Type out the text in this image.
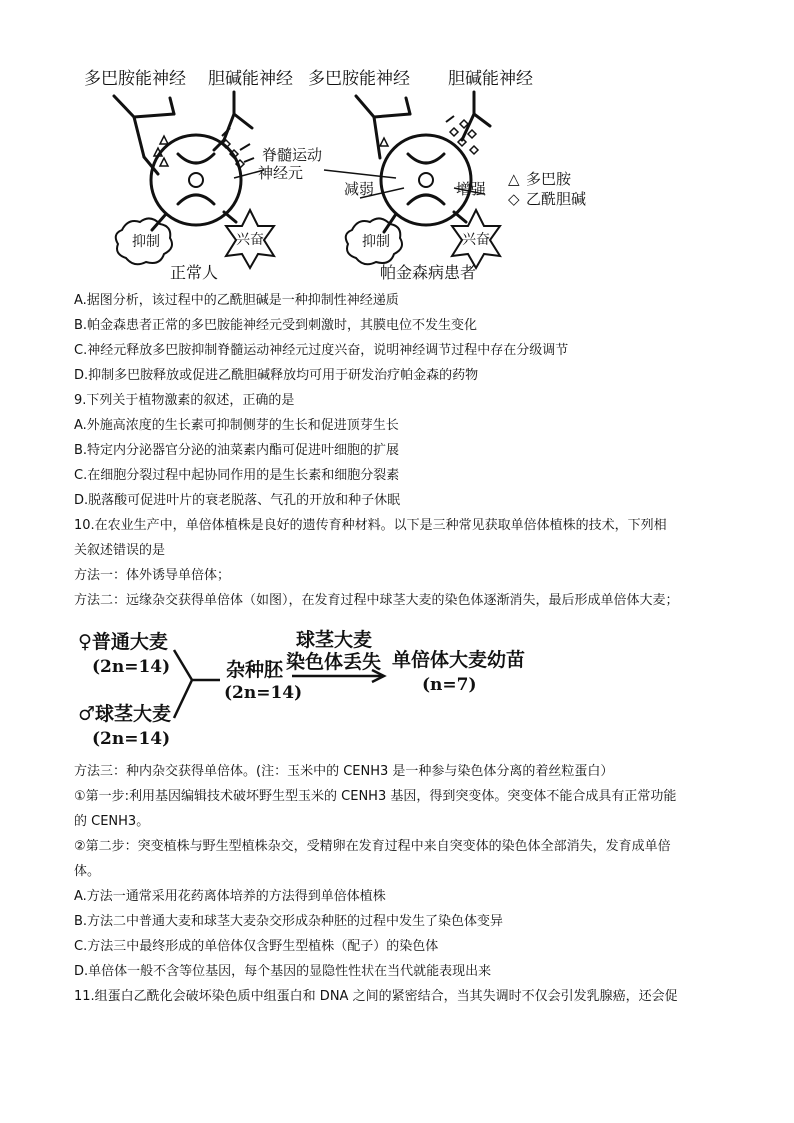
多巴胺能神经 胆碱能神经 多巴胺能神经 胆碱能神经
脊髓运动
神经元
减弱	增强
抑制	兴奋	抑制	兴奋
正常人	帕金森病患者
△ 多巴胺
◇ 乙酰胆碱
A.据图分析，该过程中的乙酰胆碱是一种抑制性神经递质
B.帕金森患者正常的多巴胺能神经元受到刺激时，其膜电位不发生变化
C.神经元释放多巴胺抑制脊髓运动神经元过度兴奋，说明神经调节过程中存在分级调节
D.抑制多巴胺释放或促进乙酰胆碱释放均可用于研发治疗帕金森的药物
9.下列关于植物激素的叙述，正确的是
A.外施高浓度的生长素可抑制侧芽的生长和促进顶芽生长
B.特定内分泌器官分泌的油菜素内酯可促进叶细胞的扩展
C.在细胞分裂过程中起协同作用的是生长素和细胞分裂素
D.脱落酸可促进叶片的衰老脱落、气孔的开放和种子休眠
10.在农业生产中，单倍体植株是良好的遗传育种材料。以下是三种常见获取单倍体植株的技术，下列相
关叙述错误的是
方法一：体外诱导单倍体；
方法二：远缘杂交获得单倍体（如图），在发育过程中球茎大麦的染色体逐渐消失，最后形成单倍体大麦；
♀普通大麦
(2n=14)
♂球茎大麦
(2n=14)
杂种胚
(2n=14)
球茎大麦
染色体丢失 单倍体大麦幼苗
(n=7)
方法三：种内杂交获得单倍体。(注：玉米中的 CENH3 是一种参与染色体分离的着丝粒蛋白）
①第一步:利用基因编辑技术破坏野生型玉米的 CENH3 基因，得到突变体。突变体不能合成具有正常功能
的 CENH3。
②第二步：突变植株与野生型植株杂交，受精卵在发育过程中来自突变体的染色体全部消失，发育成单倍
体。
A.方法一通常采用花药离体培养的方法得到单倍体植株
B.方法二中普通大麦和球茎大麦杂交形成杂种胚的过程中发生了染色体变异
C.方法三中最终形成的单倍体仅含野生型植株（配子）的染色体
D.单倍体一般不含等位基因，每个基因的显隐性性状在当代就能表现出来
11.组蛋白乙酰化会破坏染色质中组蛋白和 DNA 之间的紧密结合，当其失调时不仅会引发乳腺癌，还会促
